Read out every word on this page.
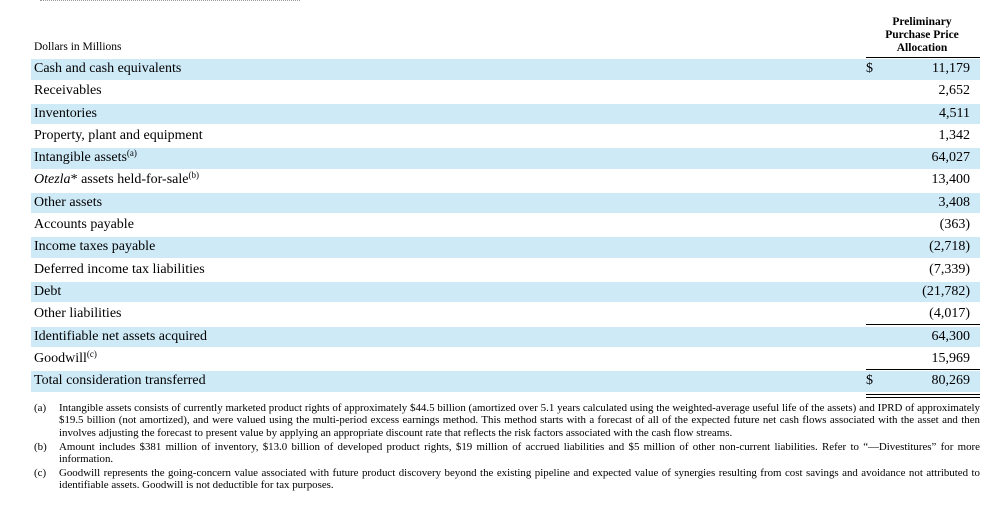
Dollars in Millions
Preliminary
Purchase Price
Allocation
Cash and cash equivalents	$	11,179
Receivables	2,652
Inventories	4,511
Property, plant and equipment	1,342
Intangible assets$^{(a)}$	64,027
Otezla* assets held-for-sale$^{(b)}$	13,400
Other assets	3,408
Accounts payable	(363)
Income taxes payable	(2,718)
Deferred income tax liabilities	(7,339)
Debt	(21,782)
Other liabilities	(4,017)
Identifiable net assets acquired	64,300
Goodwill$^{(c)}$	15,969
Total consideration transferred	$	80,269
(a) Intangible assets consists of currently marketed product rights of approximately $44.5 billion (amortized over 5.1 years calculated using the weighted-average useful life of the assets) and IPRD of approximately $19.5 billion (not amortized), and were valued using the multi-period excess earnings method. This method starts with a forecast of all of the expected future net cash flows associated with the asset and then involves adjusting the forecast to present value by applying an appropriate discount rate that reflects the risk factors associated with the cash flow streams.
(b) Amount includes $381 million of inventory, $13.0 billion of developed product rights, $19 million of accrued liabilities and $5 million of other non-current liabilities. Refer to “—Divestitures” for more information.
(c) Goodwill represents the going-concern value associated with future product discovery beyond the existing pipeline and expected value of synergies resulting from cost savings and avoidance not attributed to identifiable assets. Goodwill is not deductible for tax purposes.
